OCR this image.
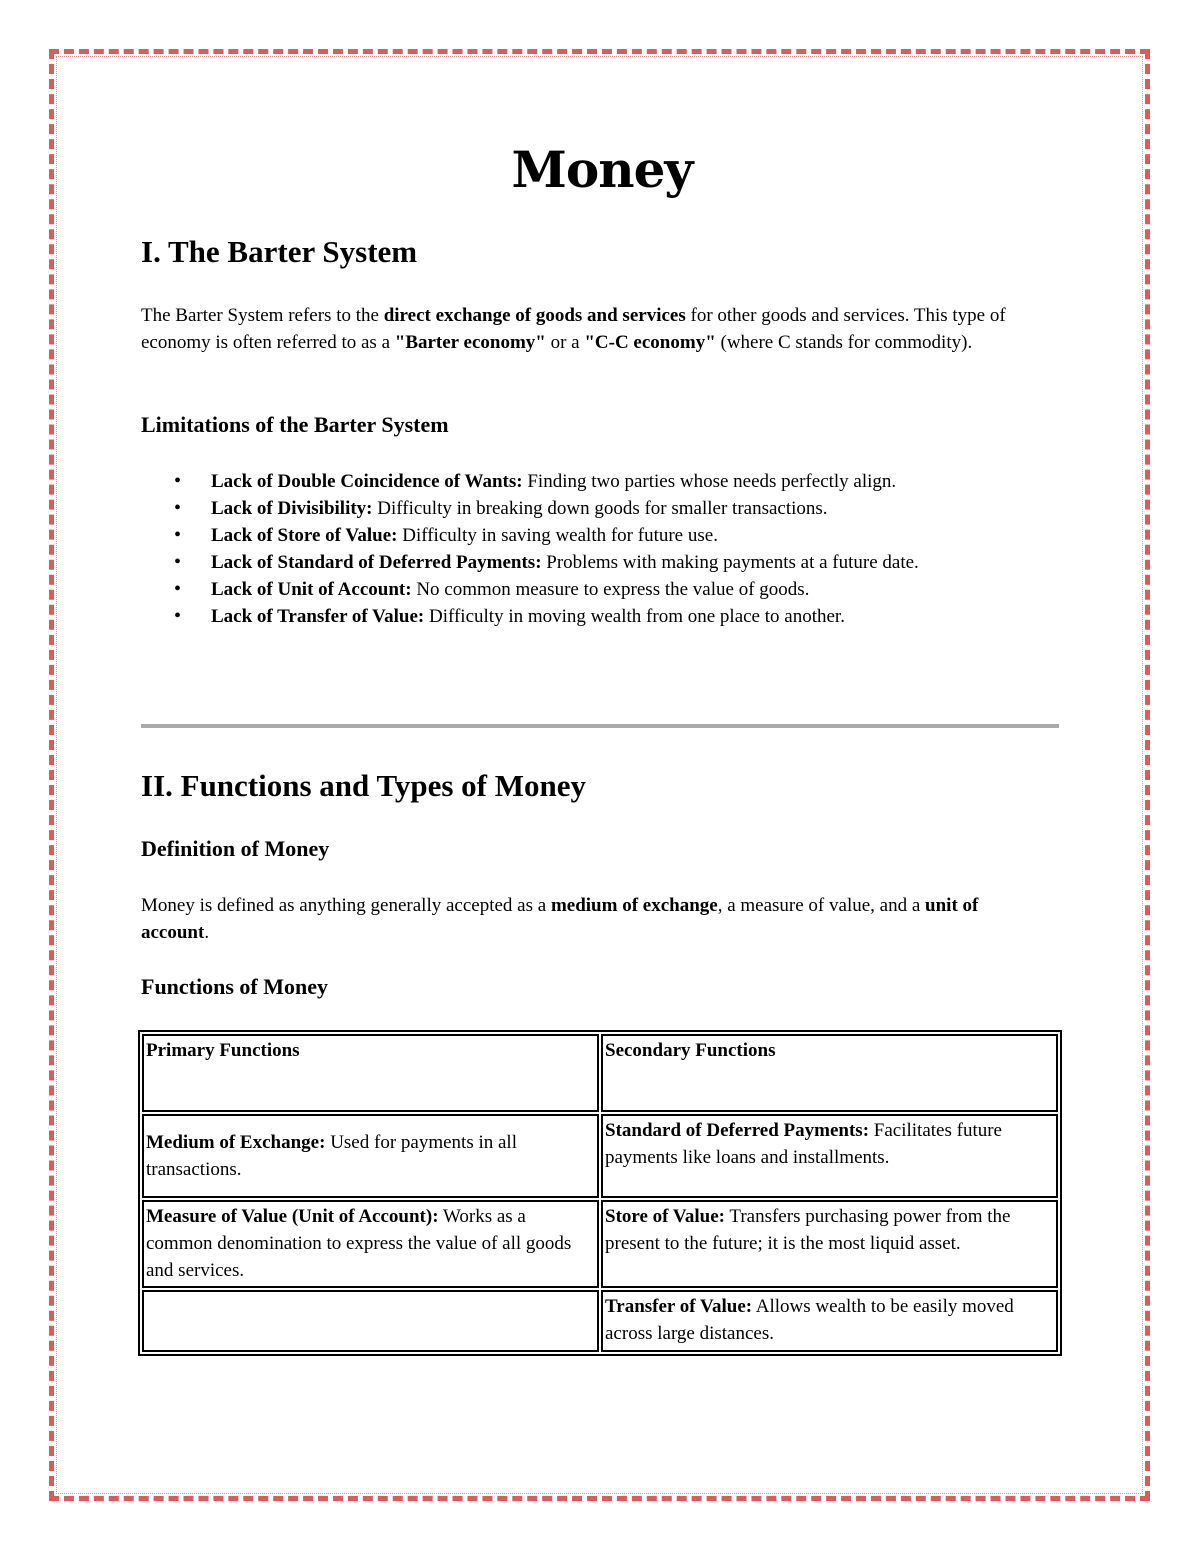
Money
I. The Barter System

The Barter System refers to the direct exchange of goods and services for other goods and services. This type of economy is often referred to as a "Barter economy" or a "C-C economy" (where C stands for commodity).

Limitations of the Barter System
• Lack of Double Coincidence of Wants: Finding two parties whose needs perfectly align.
• Lack of Divisibility: Difficulty in breaking down goods for smaller transactions.
• Lack of Store of Value: Difficulty in saving wealth for future use.
• Lack of Standard of Deferred Payments: Problems with making payments at a future date.
• Lack of Unit of Account: No common measure to express the value of goods.
• Lack of Transfer of Value: Difficulty in moving wealth from one place to another.
II. Functions and Types of Money
Definition of Money

Money is defined as anything generally accepted as a medium of exchange, a measure of value, and a unit of account.

Functions of Money
Primary Functions	Secondary Functions
Medium of Exchange: Used for payments in all transactions.	Standard of Deferred Payments: Facilitates future payments like loans and installments.
Measure of Value (Unit of Account): Works as a common denomination to express the value of all goods and services.	Store of Value: Transfers purchasing power from the present to the future; it is the most liquid asset.
	Transfer of Value: Allows wealth to be easily moved across large distances.
